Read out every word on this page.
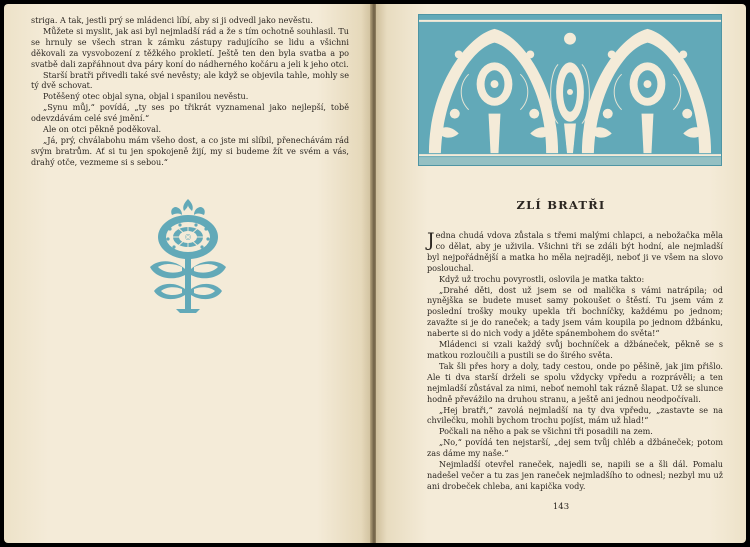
striga. A tak, jestli prý se mládenci líbí, aby si ji odvedl jako nevěstu.

Můžete si myslit, jak asi byl nejmladší rád a že s tím ochotně souhlasil. Tu se hrnuly se všech stran k zámku zástupy radujícího se lidu a všichni děkovali za vysvobození z těžkého prokletí. Ještě ten den byla svatba a po svatbě dali zapřáhnout dva páry koní do nádherného kočáru a jeli k jeho otci.

Starší bratři přivedli také své nevěsty; ale když se objevila tahle, mohly se tý dvě schovat.

Potěšený otec objal syna, objal i spanilou nevěstu.

„Synu můj,“ povídá, „ty ses po třikrát vyznamenal jako nejlepší, tobě odevzdávám celé své jmění.“

Ale on otci pěkně poděkoval.

„Já, prý, chválabohu mám všeho dost, a co jste mi slíbil, přenechávám rád svým bratrům. Ať si tu jen spokojeně žijí, my si budeme žít ve svém a vás, drahý otče, vezmeme si s sebou.“

ZLÍ BRATŘI

Jedna chudá vdova zůstala s třemi malými chlapci, a nebožačka měla co dělat, aby je uživila. Všichni tři se zdáli být hodní, ale nejmladší byl nejpořádnější a matka ho měla nejraději, neboť ji ve všem na slovo poslouchal.

Když už trochu povyrostli, oslovila je matka takto:

„Drahé děti, dost už jsem se od malička s vámi natrápila; od nynějška se budete muset samy pokoušet o štěstí. Tu jsem vám z poslední trošky mouky upekla tři bochníčky, každému po jednom; zavažte si je do raneček; a tady jsem vám koupila po jednom džbánku, naberte si do nich vody a jděte spánembohem do světa!“

Mládenci si vzali každý svůj bochníček a džbáneček, pěkně se s matkou rozloučili a pustili se do širého světa.

Tak šli přes hory a doly, tady cestou, onde po pěšině, jak jim přišlo. Ale ti dva starší drželi se spolu vždycky vpředu a rozprávěli; a ten nejmladší zůstával za nimi, neboť nemohl tak rázně šlapat. Už se slunce hodně převážilo na druhou stranu, a ještě ani jednou neodpočívali.

„Hej bratři,“ zavolá nejmladší na ty dva vpředu, „zastavte se na chvilečku, mohli bychom trochu pojíst, mám už hlad!“

Počkali na něho a pak se všichni tři posadili na zem.

„No,“ povídá ten nejstarší, „dej sem tvůj chléb a džbáneček; potom zas dáme my naše.“

Nejmladší otevřel raneček, najedli se, napili se a šli dál. Pomalu nadešel večer a tu zas jen raneček nejmladšího to odnesl; nezbyl mu už ani drobeček chleba, ani kapička vody.

143
